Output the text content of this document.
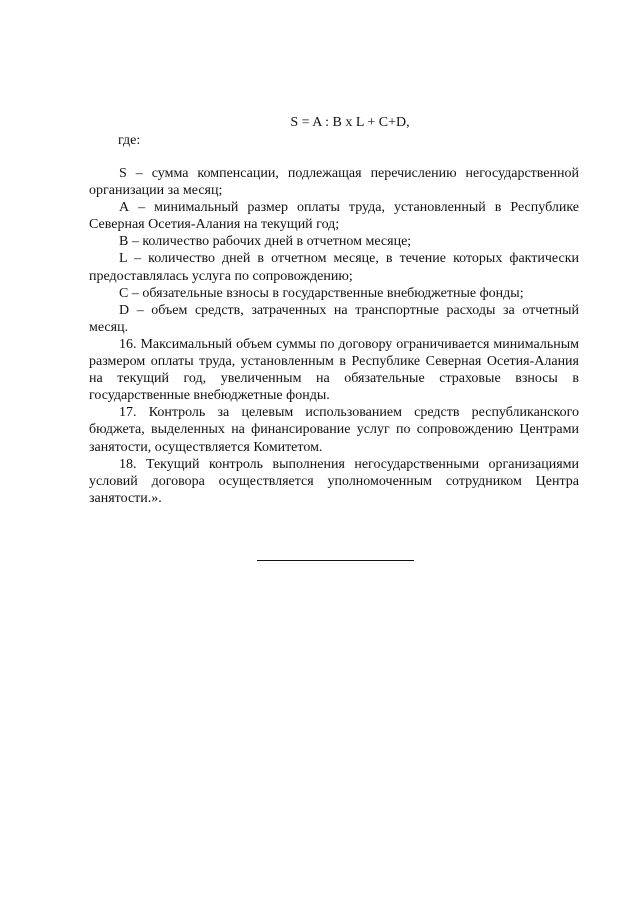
S = A : B x L + C+D,
где:

S – сумма компенсации, подлежащая перечислению негосударственной организации за месяц;

А – минимальный размер оплаты труда, установленный в Республике Северная Осетия-Алания на текущий год;

В – количество рабочих дней в отчетном месяце;

L – количество дней в отчетном месяце, в течение которых фактически предоставлялась услуга по сопровождению;

С – обязательные взносы в государственные внебюджетные фонды;

D – объем средств, затраченных на транспортные расходы за отчетный месяц.

16. Максимальный объем суммы по договору ограничивается минимальным размером оплаты труда, установленным в Республике Северная Осетия-Алания на текущий год, увеличенным на обязательные страховые взносы в государственные внебюджетные фонды.

17. Контроль за целевым использованием средств республиканского бюджета, выделенных на финансирование услуг по сопровождению Центрами занятости, осуществляется Комитетом.

18. Текущий контроль выполнения негосударственными организациями условий договора осуществляется уполномоченным сотрудником Центра занятости.».
